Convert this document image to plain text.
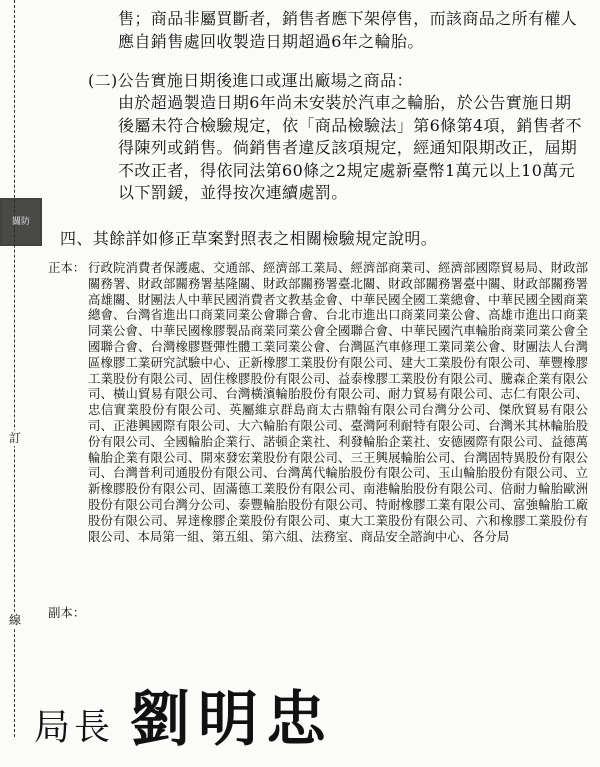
關防
訂
線
售；商品非屬買斷者，銷售者應下架停售，而該商品之所有權人應自銷售處回收製造日期超過6年之輪胎。
(二)公告實施日期後進口或運出廠場之商品：
由於超過製造日期6年尚未安裝於汽車之輪胎，於公告實施日期後屬未符合檢驗規定，依「商品檢驗法」第6條第4項，銷售者不得陳列或銷售。倘銷售者違反該項規定，經通知限期改正，屆期不改正者，得依同法第60條之2規定處新臺幣1萬元以上10萬元以下罰鍰，並得按次連續處罰。
四、其餘詳如修正草案對照表之相關檢驗規定說明。
正本： 行政院消費者保護處、交通部、經濟部工業局、經濟部商業司、經濟部國際貿易局、財政部關務署、財政部關務署基隆關、財政部關務署臺北關、財政部關務署臺中關、財政部關務署高雄關、財團法人中華民國消費者文教基金會、中華民國全國工業總會、中華民國全國商業總會、台灣省進出口商業同業公會聯合會、台北市進出口商業同業公會、高雄市進出口商業同業公會、中華民國橡膠製品商業同業公會全國聯合會、中華民國汽車輪胎商業同業公會全國聯合會、台灣橡膠暨彈性體工業同業公會、台灣區汽車修理工業同業公會、財團法人台灣區橡膠工業研究試驗中心、正新橡膠工業股份有限公司、建大工業股份有限公司、華豐橡膠工業股份有限公司、固住橡膠股份有限公司、益泰橡膠工業股份有限公司、騰森企業有限公司、橫山貿易有限公司、台灣橫濱輪胎股份有限公司、耐力貿易有限公司、志仁有限公司、忠信實業股份有限公司、英屬維京群島商太古鼎翰有限公司台灣分公司、傑欣貿易有限公司、正港興國際有限公司、大六輪胎有限公司、臺灣阿利耐特有限公司、台灣米其林輪胎股份有限公司、全國輪胎企業行、諾頓企業社、利發輪胎企業社、安德國際有限公司、益德萬輪胎企業有限公司、開來發宏業股份有限公司、三王興展輪胎公司、台灣固特異股份有限公司、台灣普利司通股份有限公司、台灣萬代輪胎股份有限公司、玉山輪胎股份有限公司、立新橡膠股份有限公司、固滿德工業股份有限公司、南港輪胎股份有限公司、倍耐力輪胎歐洲股份有限公司台灣分公司、泰豐輪胎股份有限公司、特耐橡膠工業有限公司、富強輪胎工廠股份有限公司、昇達橡膠企業股份有限公司、東大工業股份有限公司、六和橡膠工業股份有限公司、本局第一組、第五組、第六組、法務室、商品安全諮詢中心、各分局
副本：
局長 劉明忠
